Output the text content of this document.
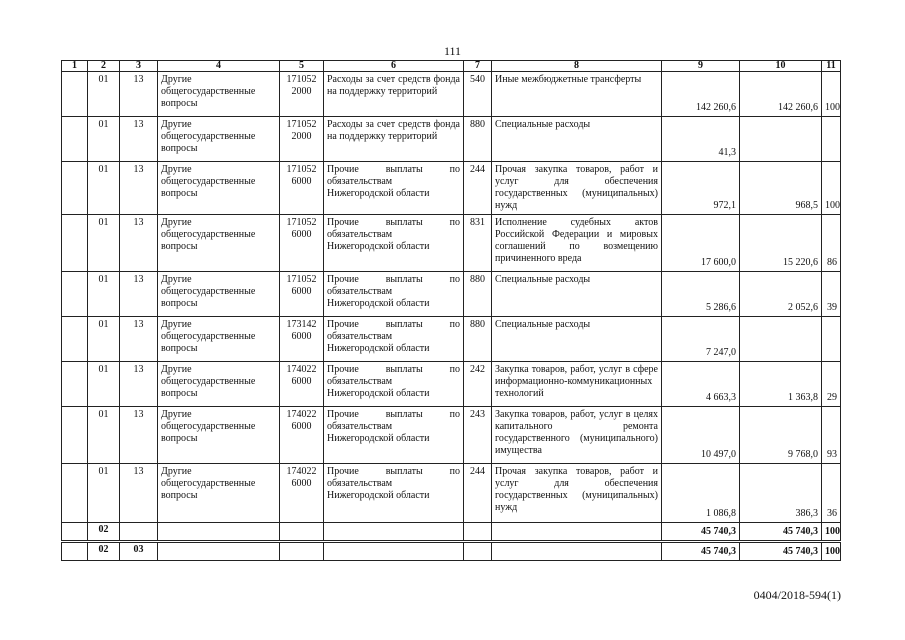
111
1	2	3	4	5	6	7	8	9	10	11
	01	13	Другие общегосударственные вопросы	171052 2000	Расходы за счет средств фонда на поддержку территорий	540	Иные межбюджетные трансферты	142 260,6	142 260,6	100
	01	13	Другие общегосударственные вопросы	171052 2000	Расходы за счет средств фонда на поддержку территорий	880	Специальные расходы	41,3		
	01	13	Другие общегосударственные вопросы	171052 6000	Прочие выплаты по обязательствам Нижегородской области	244	Прочая закупка товаров, работ и услуг для обеспечения государственных (муниципальных) нужд	972,1	968,5	100
	01	13	Другие общегосударственные вопросы	171052 6000	Прочие выплаты по обязательствам Нижегородской области	831	Исполнение судебных актов Российской Федерации и мировых соглашений по возмещению причиненного вреда	17 600,0	15 220,6	86
	01	13	Другие общегосударственные вопросы	171052 6000	Прочие выплаты по обязательствам Нижегородской области	880	Специальные расходы	5 286,6	2 052,6	39
	01	13	Другие общегосударственные вопросы	173142 6000	Прочие выплаты по обязательствам Нижегородской области	880	Специальные расходы	7 247,0		
	01	13	Другие общегосударственные вопросы	174022 6000	Прочие выплаты по обязательствам Нижегородской области	242	Закупка товаров, работ, услуг в сфере информационно-коммуникационных технологий	4 663,3	1 363,8	29
	01	13	Другие общегосударственные вопросы	174022 6000	Прочие выплаты по обязательствам Нижегородской области	243	Закупка товаров, работ, услуг в целях капитального ремонта государственного (муниципального) имущества	10 497,0	9 768,0	93
	01	13	Другие общегосударственные вопросы	174022 6000	Прочие выплаты по обязательствам Нижегородской области	244	Прочая закупка товаров, работ и услуг для обеспечения государственных (муниципальных) нужд	1 086,8	386,3	36
	02							45 740,3	45 740,3	100
	02	03						45 740,3	45 740,3	100
0404/2018-594(1)
